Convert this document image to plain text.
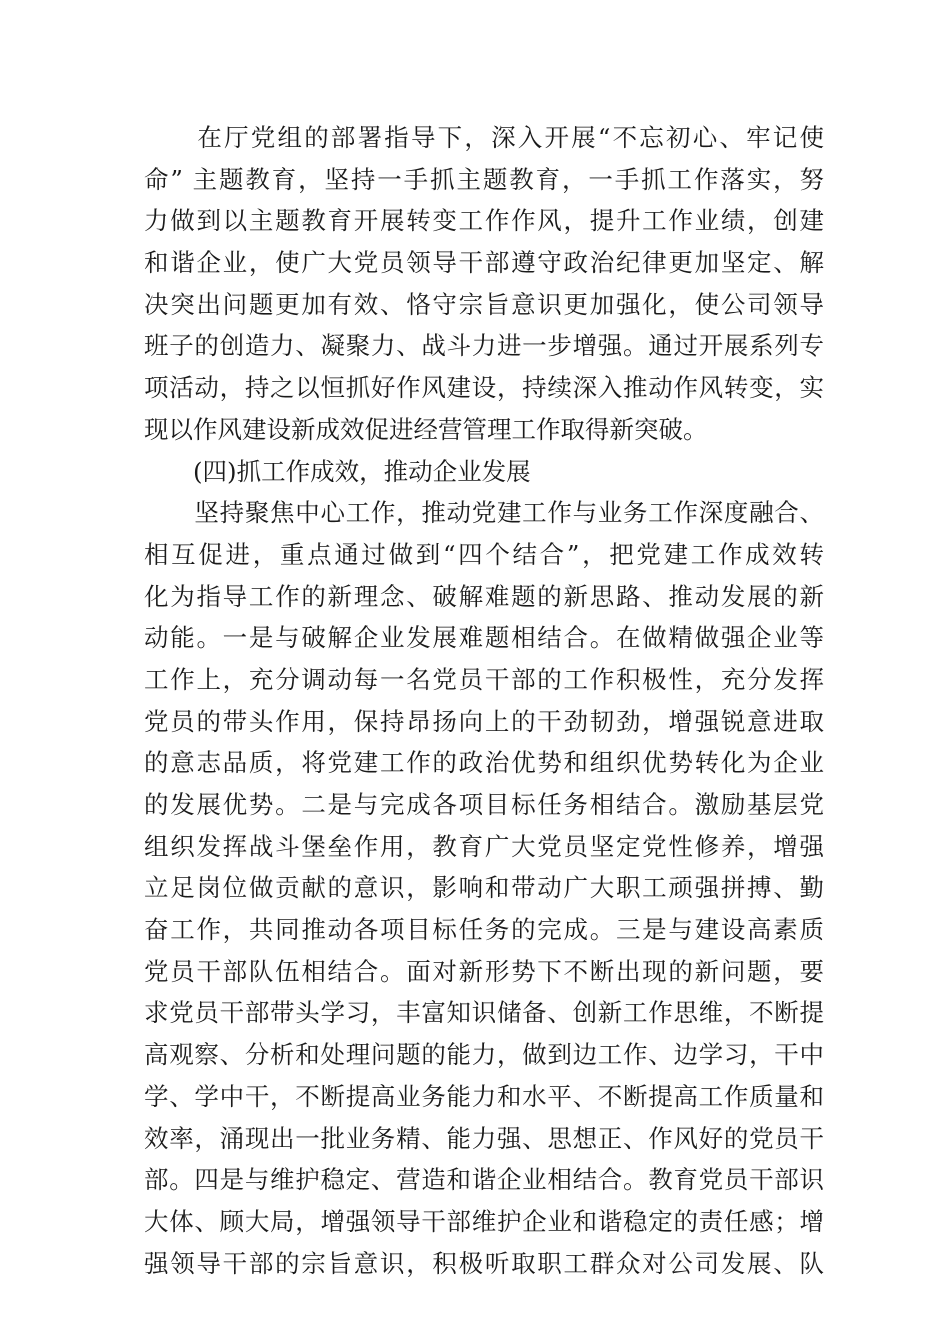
　　在厅党组的部署指导下，深入开展“不忘初心、牢记使
命” 主题教育，坚持一手抓主题教育，一手抓工作落实，努
力做到以主题教育开展转变工作作风，提升工作业绩，创建
和谐企业，使广大党员领导干部遵守政治纪律更加坚定、解
决突出问题更加有效、恪守宗旨意识更加强化，使公司领导
班子的创造力、凝聚力、战斗力进一步增强。通过开展系列专
项活动，持之以恒抓好作风建设，持续深入推动作风转变，实
现以作风建设新成效促进经营管理工作取得新突破。
　　(四)抓工作成效，推动企业发展
　　坚持聚焦中心工作，推动党建工作与业务工作深度融合、
相互促进，重点通过做到“四个结合”，把党建工作成效转
化为指导工作的新理念、破解难题的新思路、推动发展的新
动能。一是与破解企业发展难题相结合。在做精做强企业等
工作上，充分调动每一名党员干部的工作积极性，充分发挥
党员的带头作用，保持昂扬向上的干劲韧劲，增强锐意进取
的意志品质，将党建工作的政治优势和组织优势转化为企业
的发展优势。二是与完成各项目标任务相结合。激励基层党
组织发挥战斗堡垒作用，教育广大党员坚定党性修养，增强
立足岗位做贡献的意识，影响和带动广大职工顽强拼搏、勤
奋工作，共同推动各项目标任务的完成。三是与建设高素质
党员干部队伍相结合。面对新形势下不断出现的新问题，要
求党员干部带头学习，丰富知识储备、创新工作思维，不断提
高观察、分析和处理问题的能力，做到边工作、边学习，干中
学、学中干，不断提高业务能力和水平、不断提高工作质量和
效率，涌现出一批业务精、能力强、思想正、作风好的党员干
部。四是与维护稳定、营造和谐企业相结合。教育党员干部识
大体、顾大局，增强领导干部维护企业和谐稳定的责任感；增
强领导干部的宗旨意识，积极听取职工群众对公司发展、队
